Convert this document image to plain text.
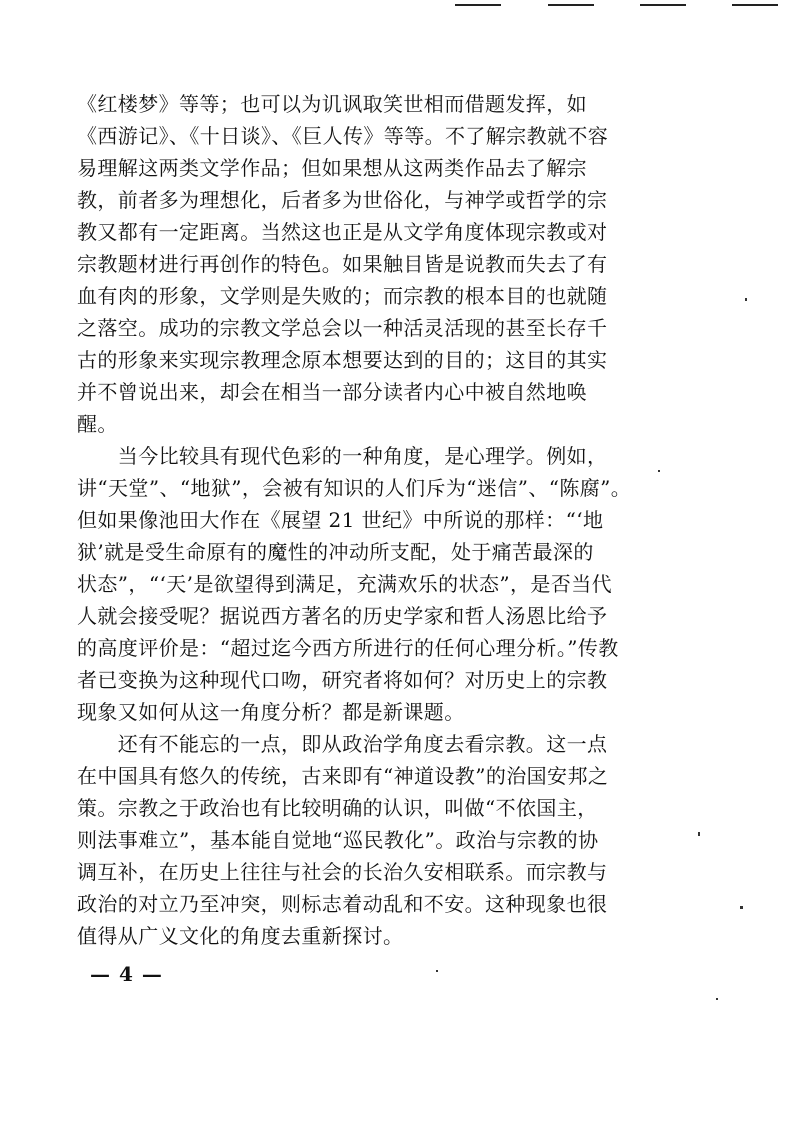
《红楼梦》等等；也可以为讥讽取笑世相而借题发挥，如
《西游记》、《十日谈》、《巨人传》等等。不了解宗教就不容
易理解这两类文学作品；但如果想从这两类作品去了解宗
教，前者多为理想化，后者多为世俗化，与神学或哲学的宗
教又都有一定距离。当然这也正是从文学角度体现宗教或对
宗教题材进行再创作的特色。如果触目皆是说教而失去了有
血有肉的形象，文学则是失败的；而宗教的根本目的也就随
之落空。成功的宗教文学总会以一种活灵活现的甚至长存千
古的形象来实现宗教理念原本想要达到的目的；这目的其实
并不曾说出来，却会在相当一部分读者内心中被自然地唤
醒。
　　当今比较具有现代色彩的一种角度，是心理学。例如，
讲“天堂”、“地狱”，会被有知识的人们斥为“迷信”、“陈腐”。
但如果像池田大作在《展望 21 世纪》中所说的那样：“‘地
狱’就是受生命原有的魔性的冲动所支配，处于痛苦最深的
状态”，“‘天’是欲望得到满足，充满欢乐的状态”，是否当代
人就会接受呢？据说西方著名的历史学家和哲人汤恩比给予
的高度评价是：“超过迄今西方所进行的任何心理分析。”传教
者已变换为这种现代口吻，研究者将如何？对历史上的宗教
现象又如何从这一角度分析？都是新课题。
　　还有不能忘的一点，即从政治学角度去看宗教。这一点
在中国具有悠久的传统，古来即有“神道设教”的治国安邦之
策。宗教之于政治也有比较明确的认识，叫做“不依国主，
则法事难立”，基本能自觉地“巡民教化”。政治与宗教的协
调互补，在历史上往往与社会的长治久安相联系。而宗教与
政治的对立乃至冲突，则标志着动乱和不安。这种现象也很
值得从广义文化的角度去重新探讨。
— 4 —
